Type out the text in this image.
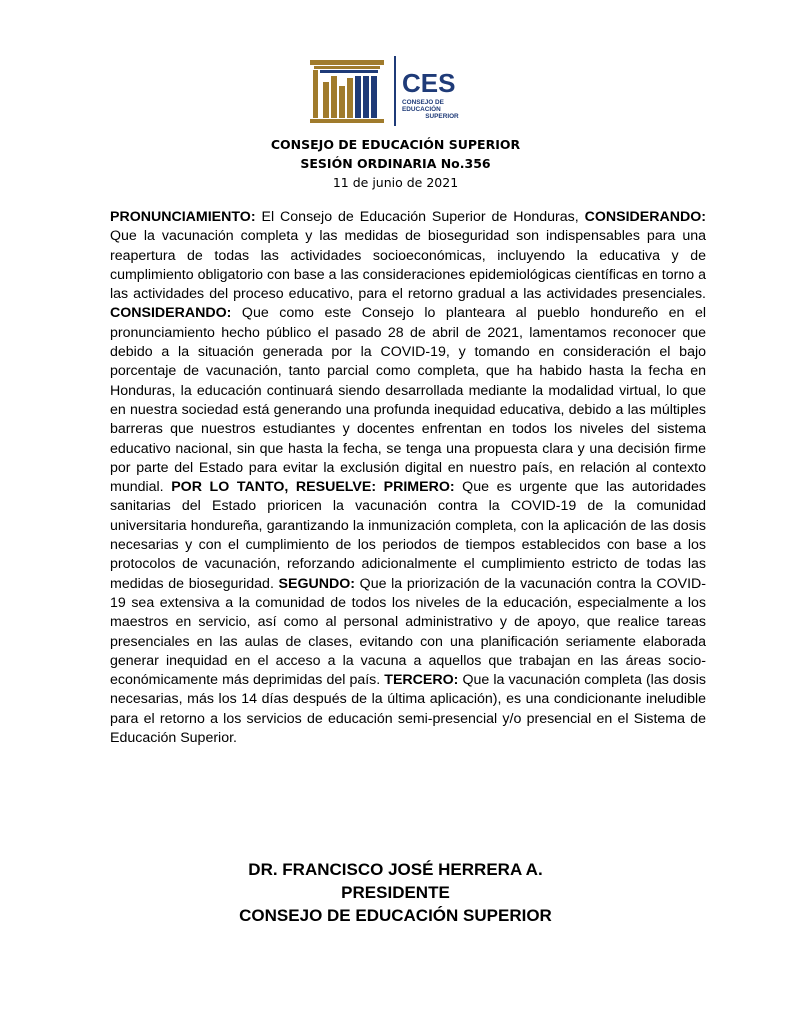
CES
CONSEJO DE EDUCACIÓN
SUPERIOR
CONSEJO DE EDUCACIÓN SUPERIOR
SESIÓN ORDINARIA No.356
11 de junio de 2021

PRONUNCIAMIENTO: El Consejo de Educación Superior de Honduras, CONSIDERANDO: Que la vacunación completa y las medidas de bioseguridad son indispensables para una reapertura de todas las actividades socioeconómicas, incluyendo la educativa y de cumplimiento obligatorio con base a las consideraciones epidemiológicas científicas en torno a las actividades del proceso educativo, para el retorno gradual a las actividades presenciales. CONSIDERANDO: Que como este Consejo lo planteara al pueblo hondureño en el pronunciamiento hecho público el pasado 28 de abril de 2021, lamentamos reconocer que debido a la situación generada por la COVID-19, y tomando en consideración el bajo porcentaje de vacunación, tanto parcial como completa, que ha habido hasta la fecha en Honduras, la educación continuará siendo desarrollada mediante la modalidad virtual, lo que en nuestra sociedad está generando una profunda inequidad educativa, debido a las múltiples barreras que nuestros estudiantes y docentes enfrentan en todos los niveles del sistema educativo nacional, sin que hasta la fecha, se tenga una propuesta clara y una decisión firme por parte del Estado para evitar la exclusión digital en nuestro país, en relación al contexto mundial. POR LO TANTO, RESUELVE: PRIMERO: Que es urgente que las autoridades sanitarias del Estado prioricen la vacunación contra la COVID-19 de la comunidad universitaria hondureña, garantizando la inmunización completa, con la aplicación de las dosis necesarias y con el cumplimiento de los periodos de tiempos establecidos con base a los protocolos de vacunación, reforzando adicionalmente el cumplimiento estricto de todas las medidas de bioseguridad. SEGUNDO: Que la priorización de la vacunación contra la COVID-19 sea extensiva a la comunidad de todos los niveles de la educación, especialmente a los maestros en servicio, así como al personal administrativo y de apoyo, que realice tareas presenciales en las aulas de clases, evitando con una planificación seriamente elaborada generar inequidad en el acceso a la vacuna a aquellos que trabajan en las áreas socio-económicamente más deprimidas del país. TERCERO: Que la vacunación completa (las dosis necesarias, más los 14 días después de la última aplicación), es una condicionante ineludible para el retorno a los servicios de educación semi-presencial y/o presencial en el Sistema de Educación Superior.

DR. FRANCISCO JOSÉ HERRERA A.
PRESIDENTE
CONSEJO DE EDUCACIÓN SUPERIOR
